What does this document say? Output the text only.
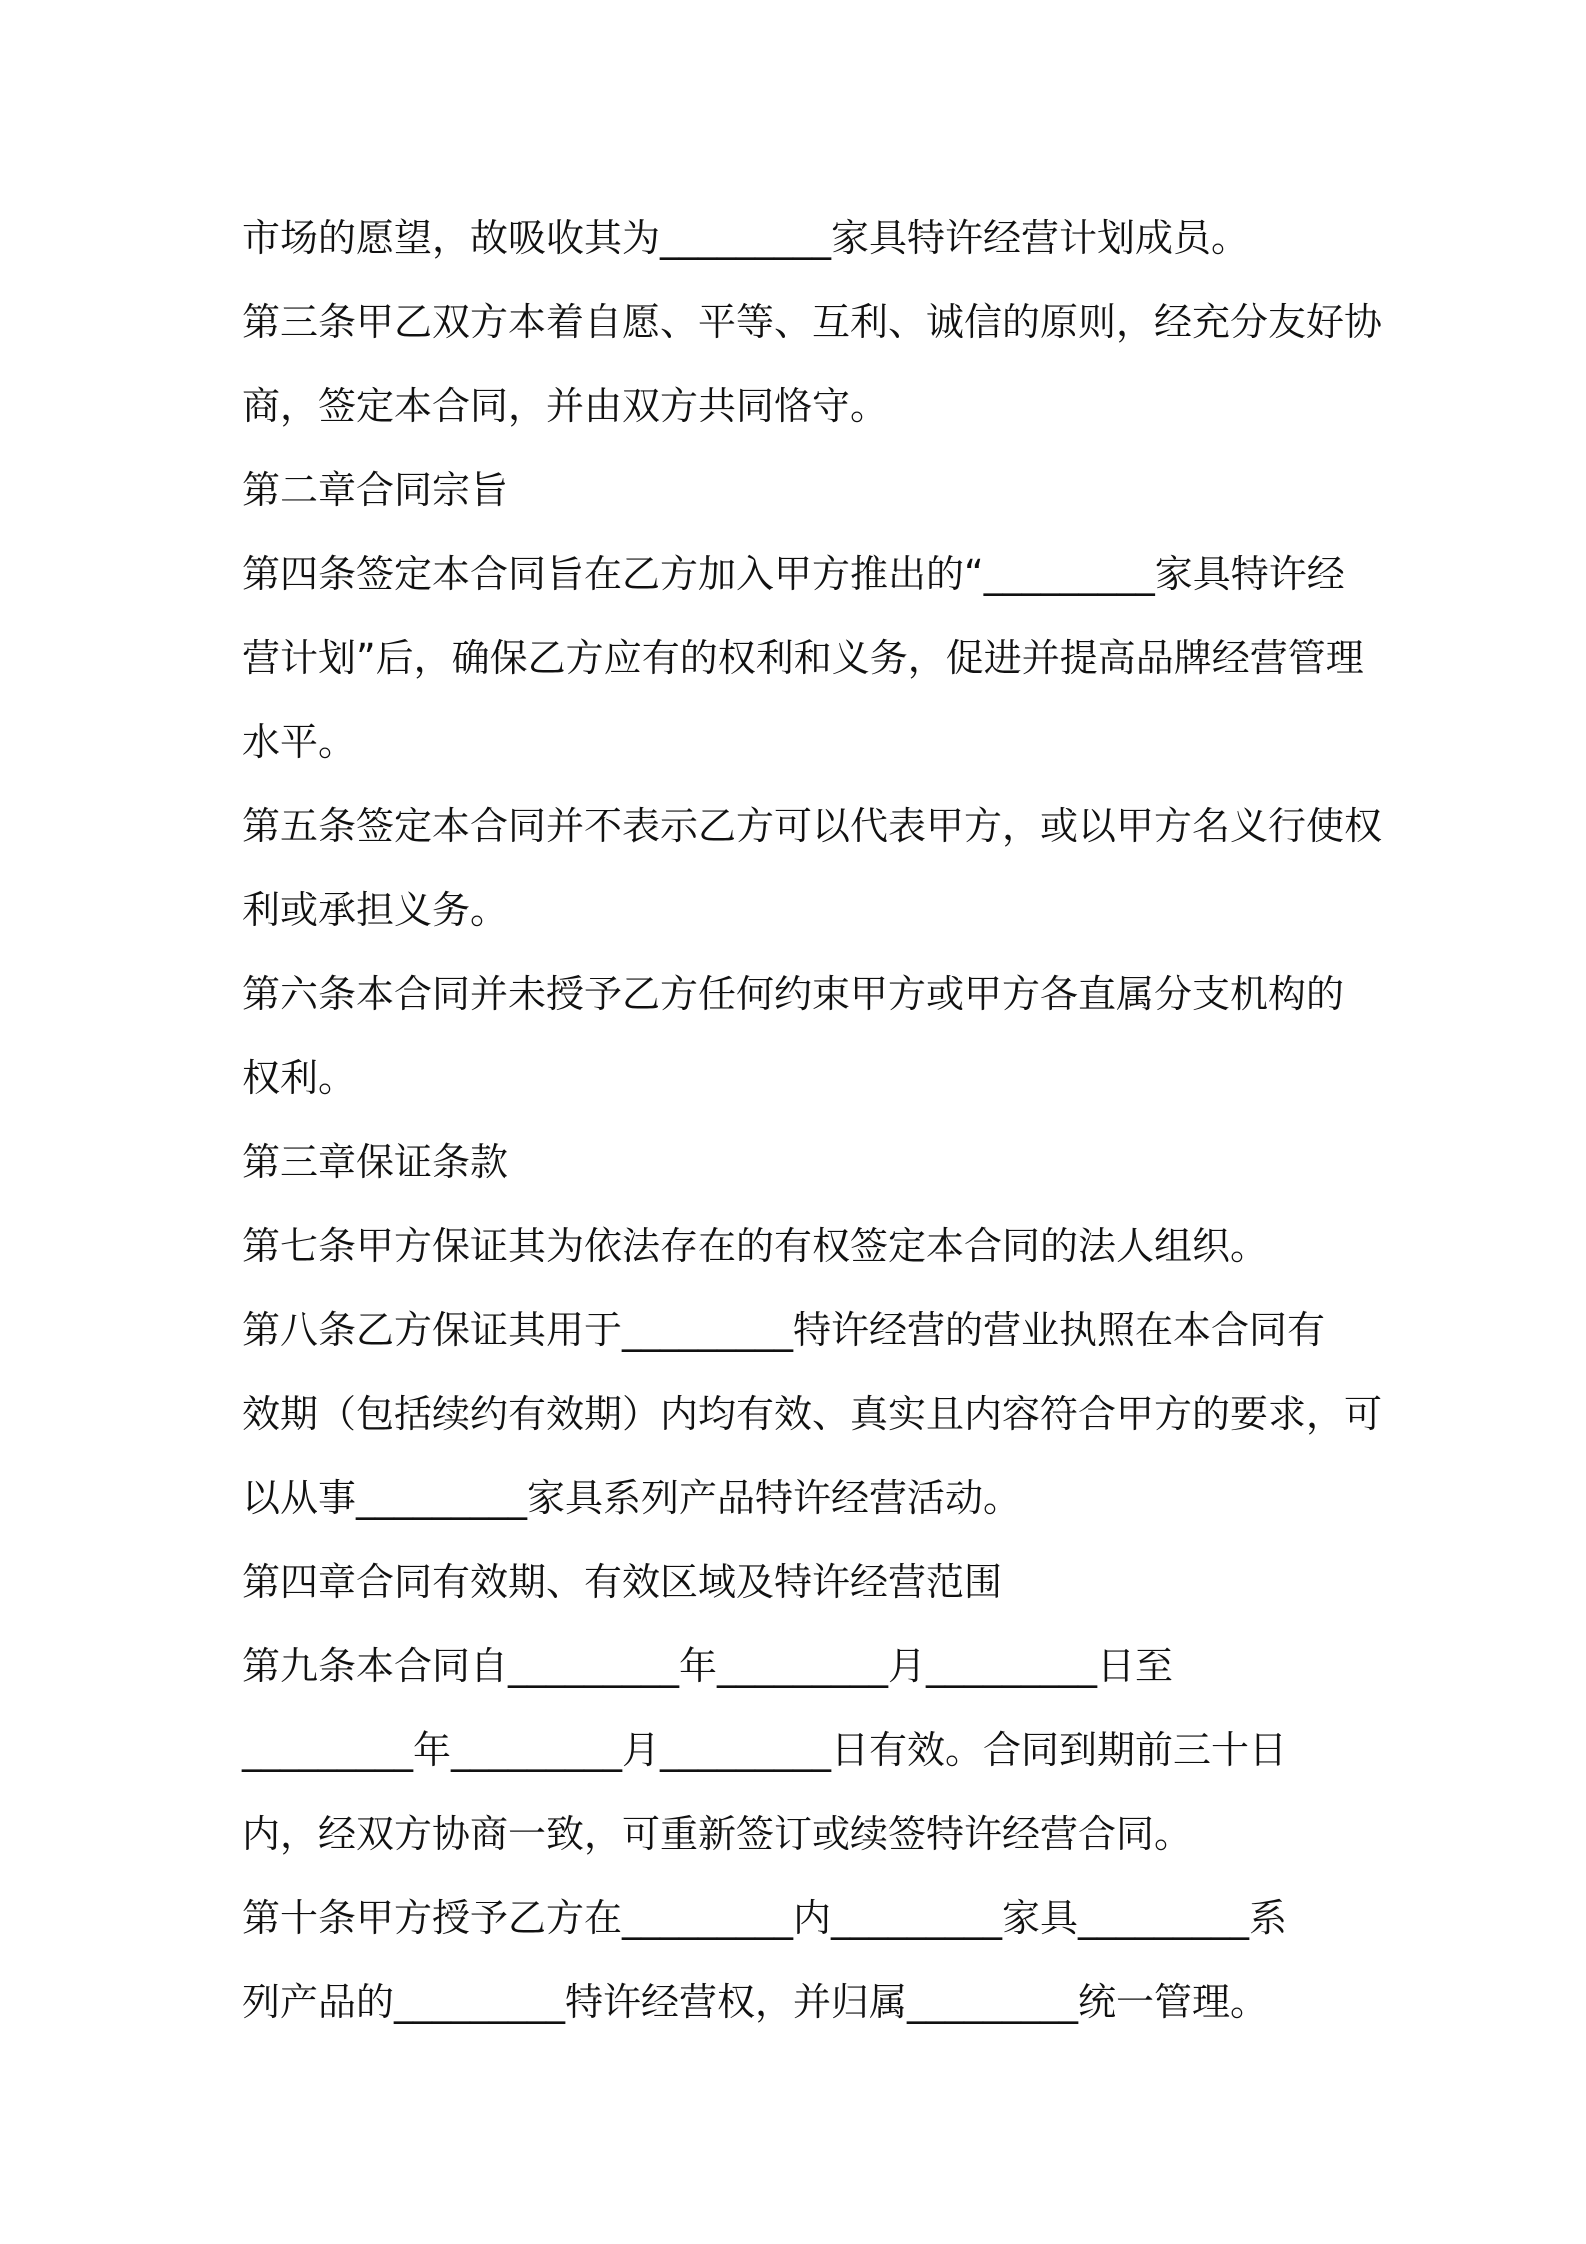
市场的愿望，故吸收其为_________家具特许经营计划成员。
第三条甲乙双方本着自愿、平等、互利、诚信的原则，经充分友好协
商，签定本合同，并由双方共同恪守。
第二章合同宗旨
第四条签定本合同旨在乙方加入甲方推出的“_________家具特许经
营计划”后，确保乙方应有的权利和义务，促进并提高品牌经营管理
水平。
第五条签定本合同并不表示乙方可以代表甲方，或以甲方名义行使权
利或承担义务。
第六条本合同并未授予乙方任何约束甲方或甲方各直属分支机构的
权利。
第三章保证条款
第七条甲方保证其为依法存在的有权签定本合同的法人组织。
第八条乙方保证其用于_________特许经营的营业执照在本合同有
效期（包括续约有效期）内均有效、真实且内容符合甲方的要求，可
以从事_________家具系列产品特许经营活动。
第四章合同有效期、有效区域及特许经营范围
第九条本合同自_________年_________月_________日至
_________年_________月_________日有效。合同到期前三十日
内，经双方协商一致，可重新签订或续签特许经营合同。
第十条甲方授予乙方在_________内_________家具_________系
列产品的_________特许经营权，并归属_________统一管理。
